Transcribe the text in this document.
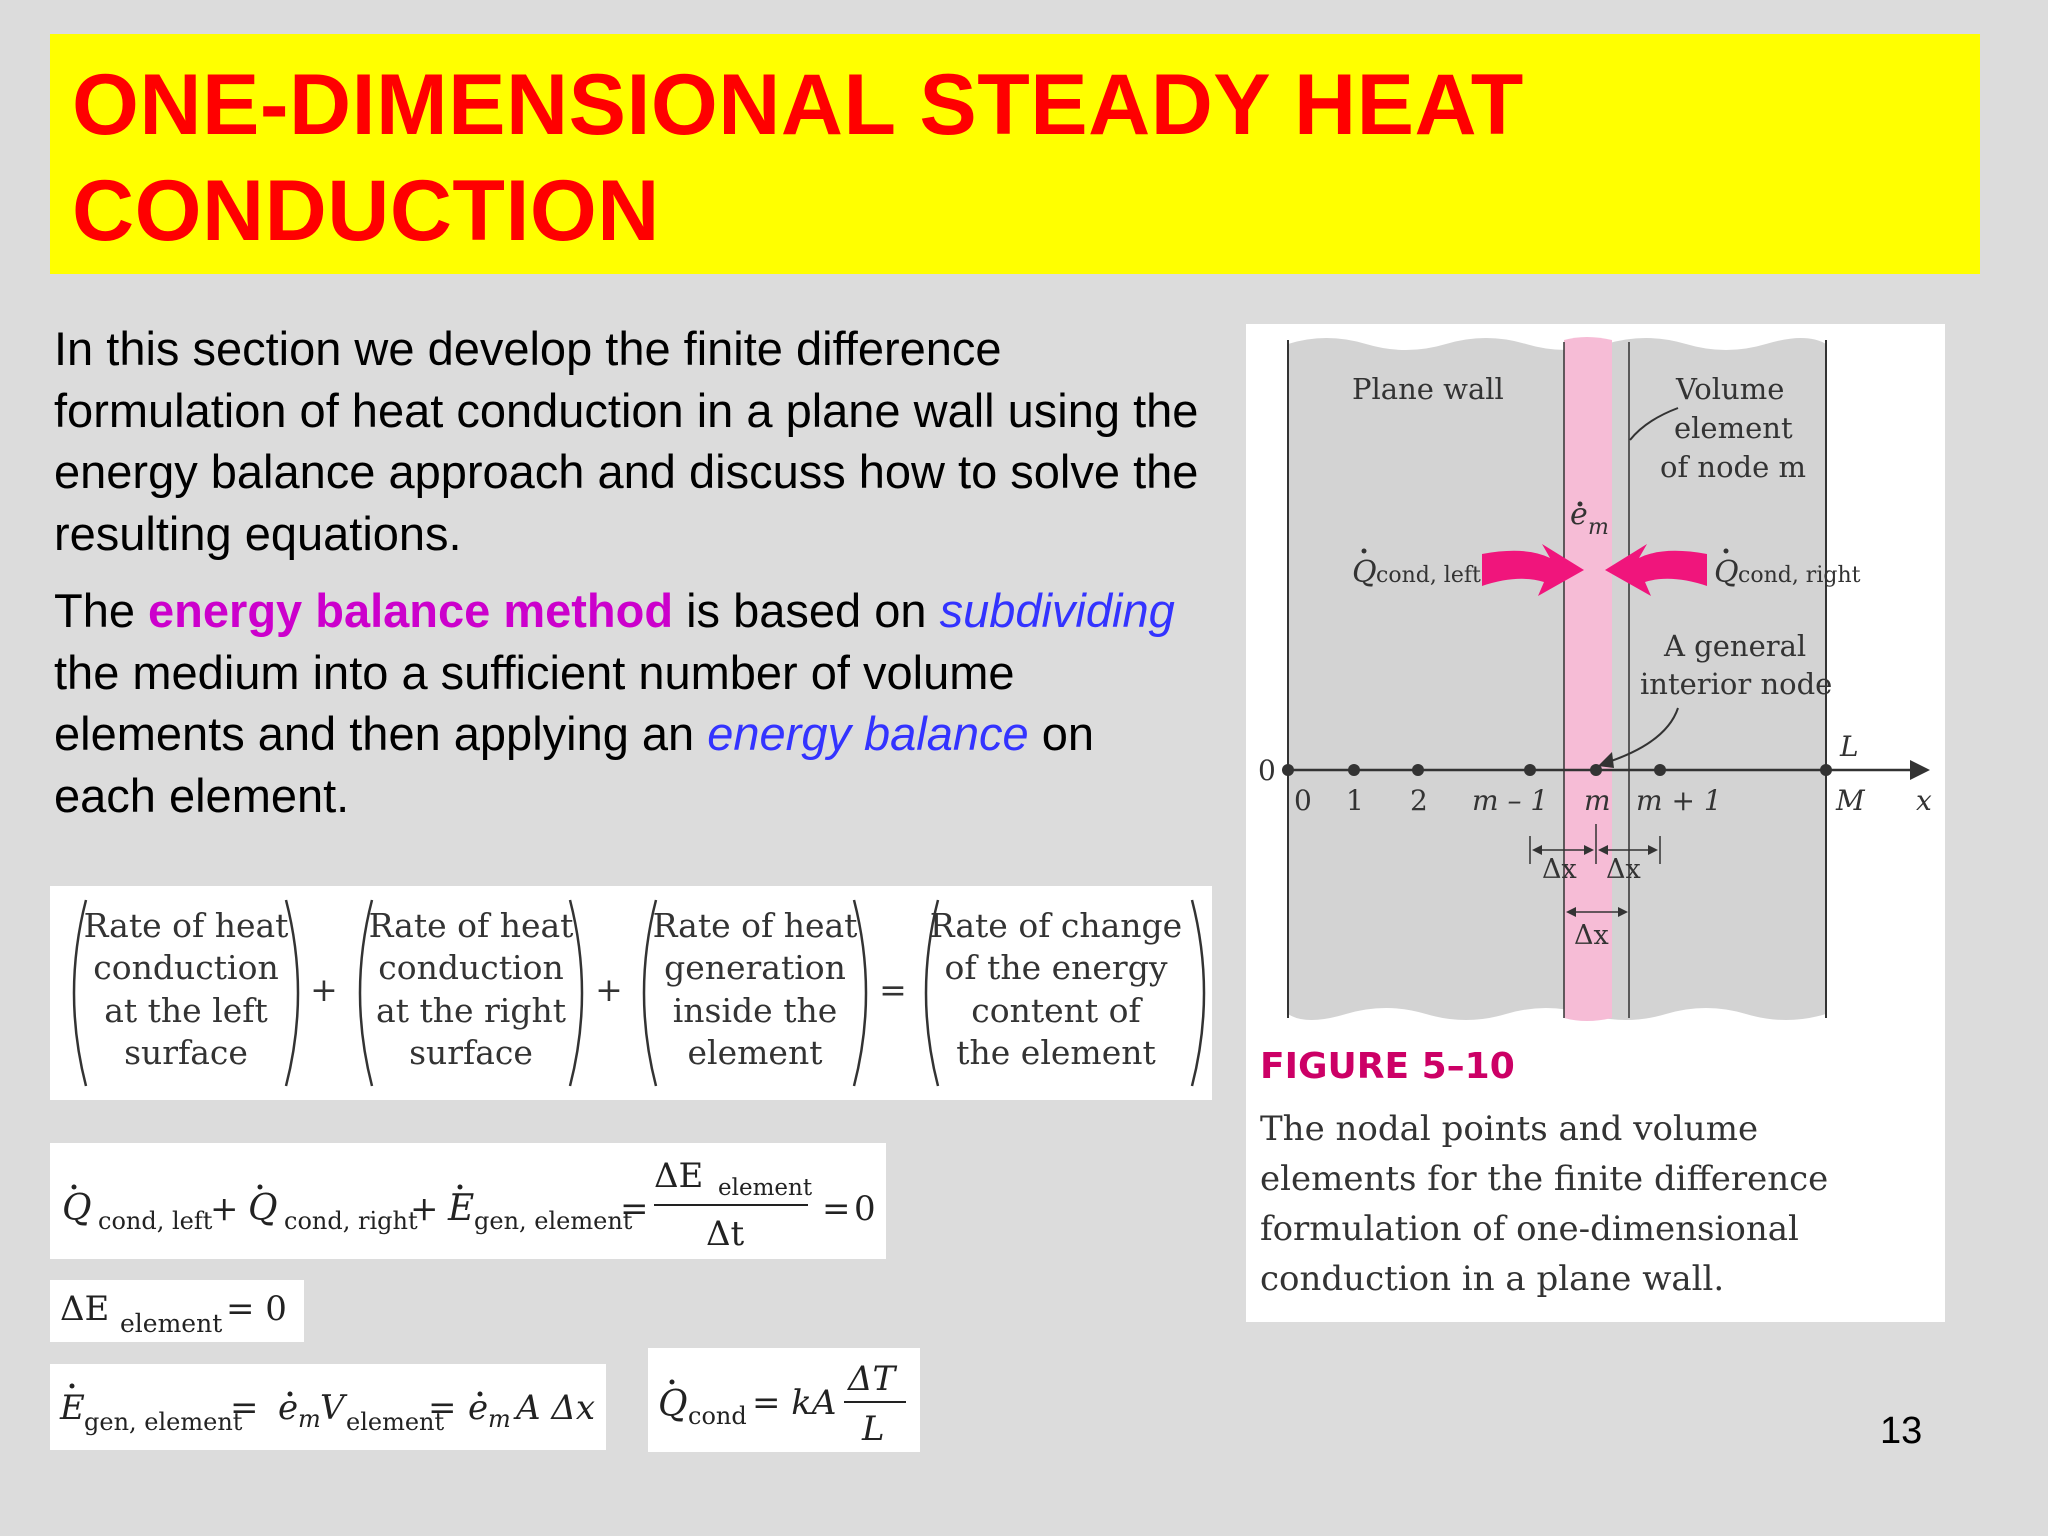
ONE-DIMENSIONAL STEADY HEAT
CONDUCTION

In this section we develop the finite difference formulation of heat conduction in a plane wall using the energy balance approach and discuss how to solve the resulting equations.

The energy balance method is based on subdividing the medium into a sufficient number of volume elements and then applying an energy balance on each element.

Rate of heat
conduction
at the left
surface
Rate of heat
conduction
at the right
surface
Rate of heat
generation
inside the
element
Rate of change
of the energy
content of
the element
+	+	=
Q cond, left
+ Q cond, right
+ E gen, element
=
ΔE element
Δt
= 0
ΔE element = 0
E gen, element
= e m V element
= e m A Δx Q cond = kA
ΔT
L
Plane wall	Volume
element
of node m
e m
Q cond, left	Q cond, right
A general
interior node
0
L
M x
0 1 2 m – 1 m m + 1
Δx Δx
Δx
FIGURE 5–10
The nodal points and volume
elements for the finite difference
formulation of one-dimensional
conduction in a plane wall.
13
